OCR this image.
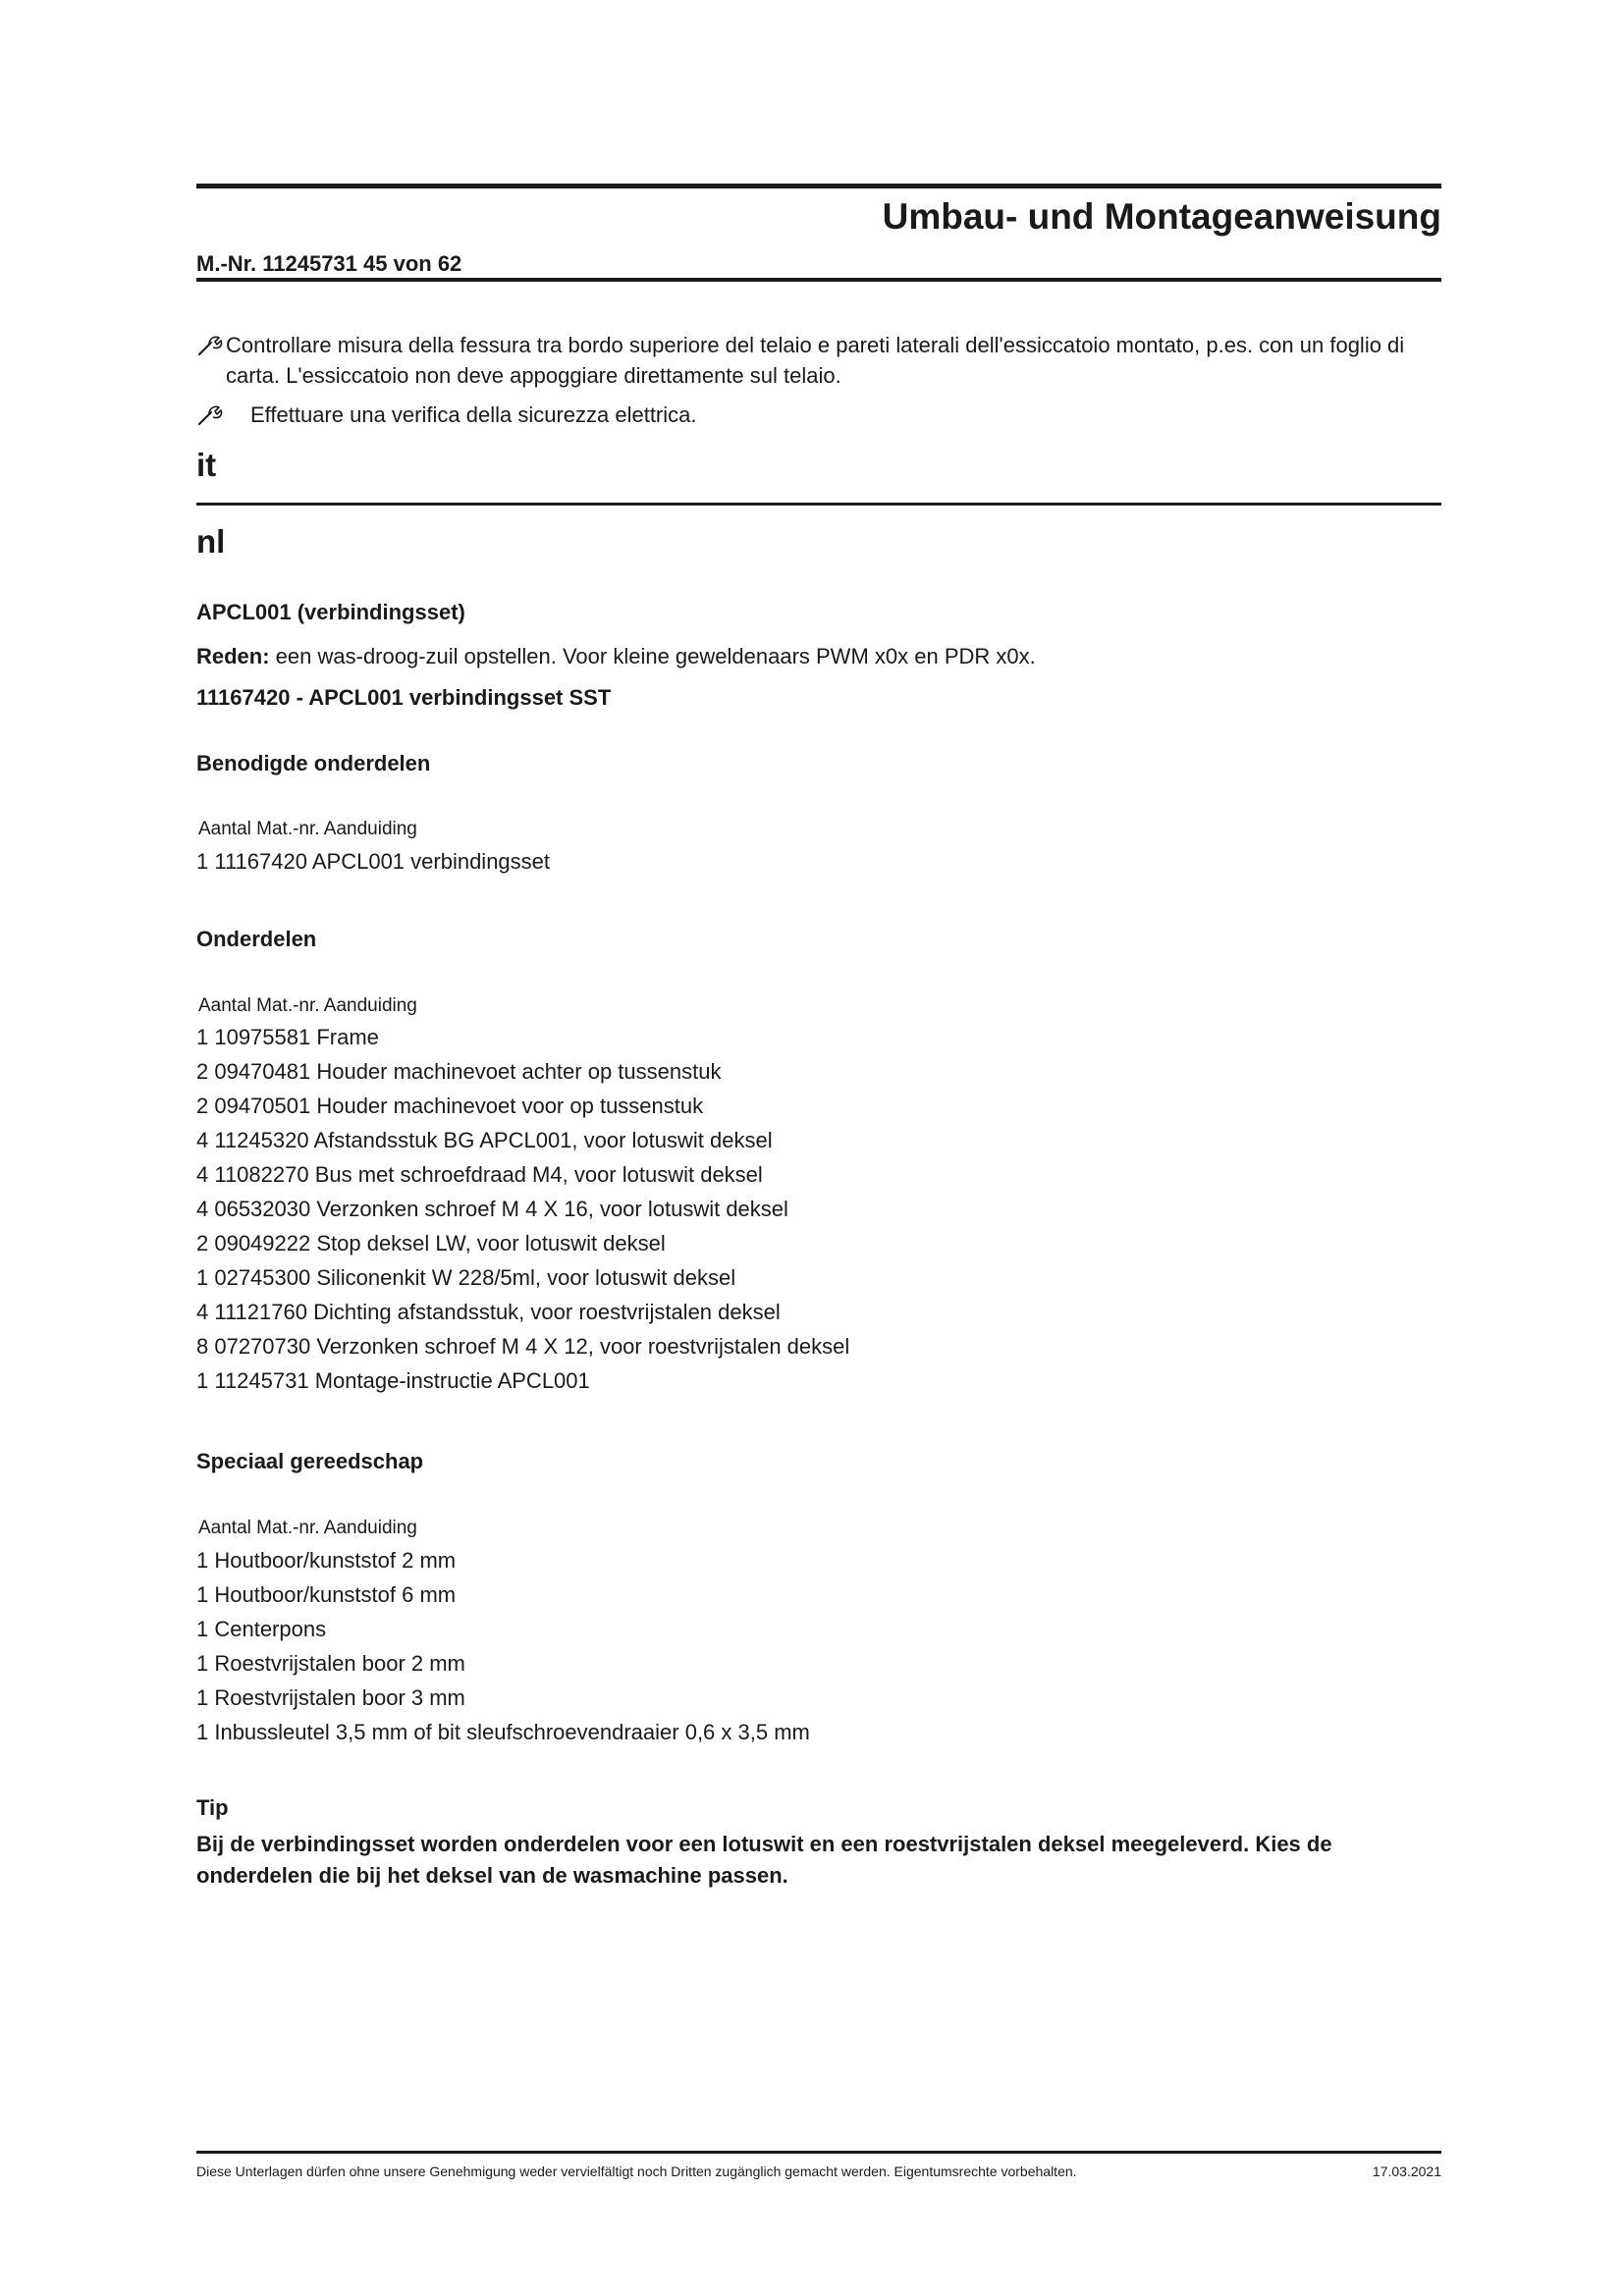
Umbau- und Montageanweisung
M.-Nr. 11245731 45 von 62
Controllare misura della fessura tra bordo superiore del telaio e pareti laterali dell'essiccatoio montato, p.es. con un foglio di carta. L'essiccatoio non deve appoggiare direttamente sul telaio.
Effettuare una verifica della sicurezza elettrica.
it
nl
APCL001 (verbindingsset)
Reden: een was-droog-zuil opstellen. Voor kleine geweldenaars PWM x0x en PDR x0x.
11167420 - APCL001 verbindingsset SST
Benodigde onderdelen
Aantal Mat.-nr. Aanduiding
1 11167420 APCL001 verbindingsset
Onderdelen
Aantal Mat.-nr. Aanduiding
1 10975581 Frame
2 09470481 Houder machinevoet achter op tussenstuk
2 09470501 Houder machinevoet voor op tussenstuk
4 11245320 Afstandsstuk BG APCL001, voor lotuswit deksel
4 11082270 Bus met schroefdraad M4, voor lotuswit deksel
4 06532030 Verzonken schroef M 4 X 16, voor lotuswit deksel
2 09049222 Stop deksel LW, voor lotuswit deksel
1 02745300 Siliconenkit W 228/5ml, voor lotuswit deksel
4 11121760 Dichting afstandsstuk, voor roestvrijstalen deksel
8 07270730 Verzonken schroef M 4 X 12, voor roestvrijstalen deksel
1 11245731 Montage-instructie APCL001
Speciaal gereedschap
Aantal Mat.-nr. Aanduiding
1 Houtboor/kunststof 2 mm
1 Houtboor/kunststof 6 mm
1 Centerpons
1 Roestvrijstalen boor 2 mm
1 Roestvrijstalen boor 3 mm
1 Inbussleutel 3,5 mm of bit sleufschroevendraaier 0,6 x 3,5 mm
Tip
Bij de verbindingsset worden onderdelen voor een lotuswit en een roestvrijstalen deksel meegeleverd. Kies de onderdelen die bij het deksel van de wasmachine passen.
Diese Unterlagen dürfen ohne unsere Genehmigung weder vervielfältigt noch Dritten zugänglich gemacht werden. Eigentumsrechte vorbehalten.	17.03.2021
